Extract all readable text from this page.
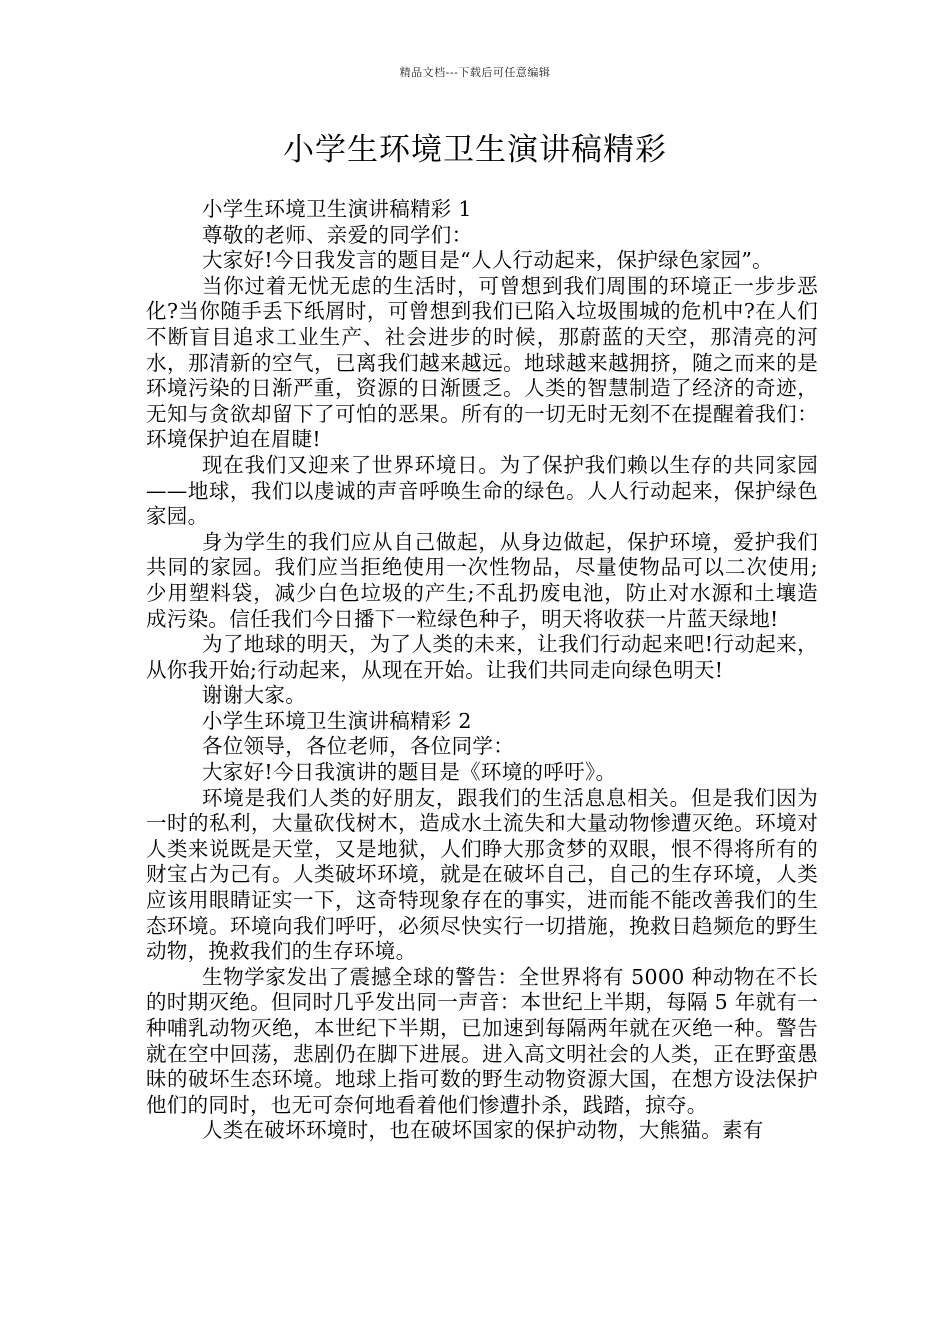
精品文档---下载后可任意编辑
小学生环境卫生演讲稿精彩

小学生环境卫生演讲稿精彩 1

尊敬的老师、亲爱的同学们：

大家好!今日我发言的题目是“人人行动起来，保护绿色家园”。

当你过着无忧无虑的生活时，可曾想到我们周围的环境正一步步恶化?当你随手丢下纸屑时，可曾想到我们已陷入垃圾围城的危机中?在人们不断盲目追求工业生产、社会进步的时候，那蔚蓝的天空，那清亮的河水，那清新的空气，已离我们越来越远。地球越来越拥挤，随之而来的是环境污染的日渐严重，资源的日渐匮乏。人类的智慧制造了经济的奇迹，无知与贪欲却留下了可怕的恶果。所有的一切无时无刻不在提醒着我们：环境保护迫在眉睫!

现在我们又迎来了世界环境日。为了保护我们赖以生存的共同家园——地球，我们以虔诚的声音呼唤生命的绿色。人人行动起来，保护绿色家园。

身为学生的我们应从自己做起，从身边做起，保护环境，爱护我们共同的家园。我们应当拒绝使用一次性物品，尽量使物品可以二次使用;少用塑料袋，减少白色垃圾的产生;不乱扔废电池，防止对水源和土壤造成污染。信任我们今日播下一粒绿色种子，明天将收获一片蓝天绿地!

为了地球的明天，为了人类的未来，让我们行动起来吧!行动起来，从你我开始;行动起来，从现在开始。让我们共同走向绿色明天!

谢谢大家。

小学生环境卫生演讲稿精彩 2

各位领导，各位老师，各位同学：

大家好!今日我演讲的题目是《环境的呼吁》。

环境是我们人类的好朋友，跟我们的生活息息相关。但是我们因为一时的私利，大量砍伐树木，造成水土流失和大量动物惨遭灭绝。环境对人类来说既是天堂，又是地狱，人们睁大那贪梦的双眼，恨不得将所有的财宝占为己有。人类破坏环境，就是在破坏自己，自己的生存环境，人类应该用眼睛证实一下，这奇特现象存在的事实，进而能不能改善我们的生态环境。环境向我们呼吁，必须尽快实行一切措施，挽救日趋频危的野生动物，挽救我们的生存环境。

生物学家发出了震撼全球的警告：全世界将有 5000 种动物在不长的时期灭绝。但同时几乎发出同一声音：本世纪上半期，每隔 5 年就有一种哺乳动物灭绝，本世纪下半期，已加速到每隔两年就在灭绝一种。警告就在空中回荡，悲剧仍在脚下进展。进入高文明社会的人类，正在野蛮愚昧的破坏生态环境。地球上指可数的野生动物资源大国，在想方设法保护他们的同时，也无可奈何地看着他们惨遭扑杀，践踏，掠夺。

人类在破坏环境时，也在破坏国家的保护动物，大熊猫。素有
